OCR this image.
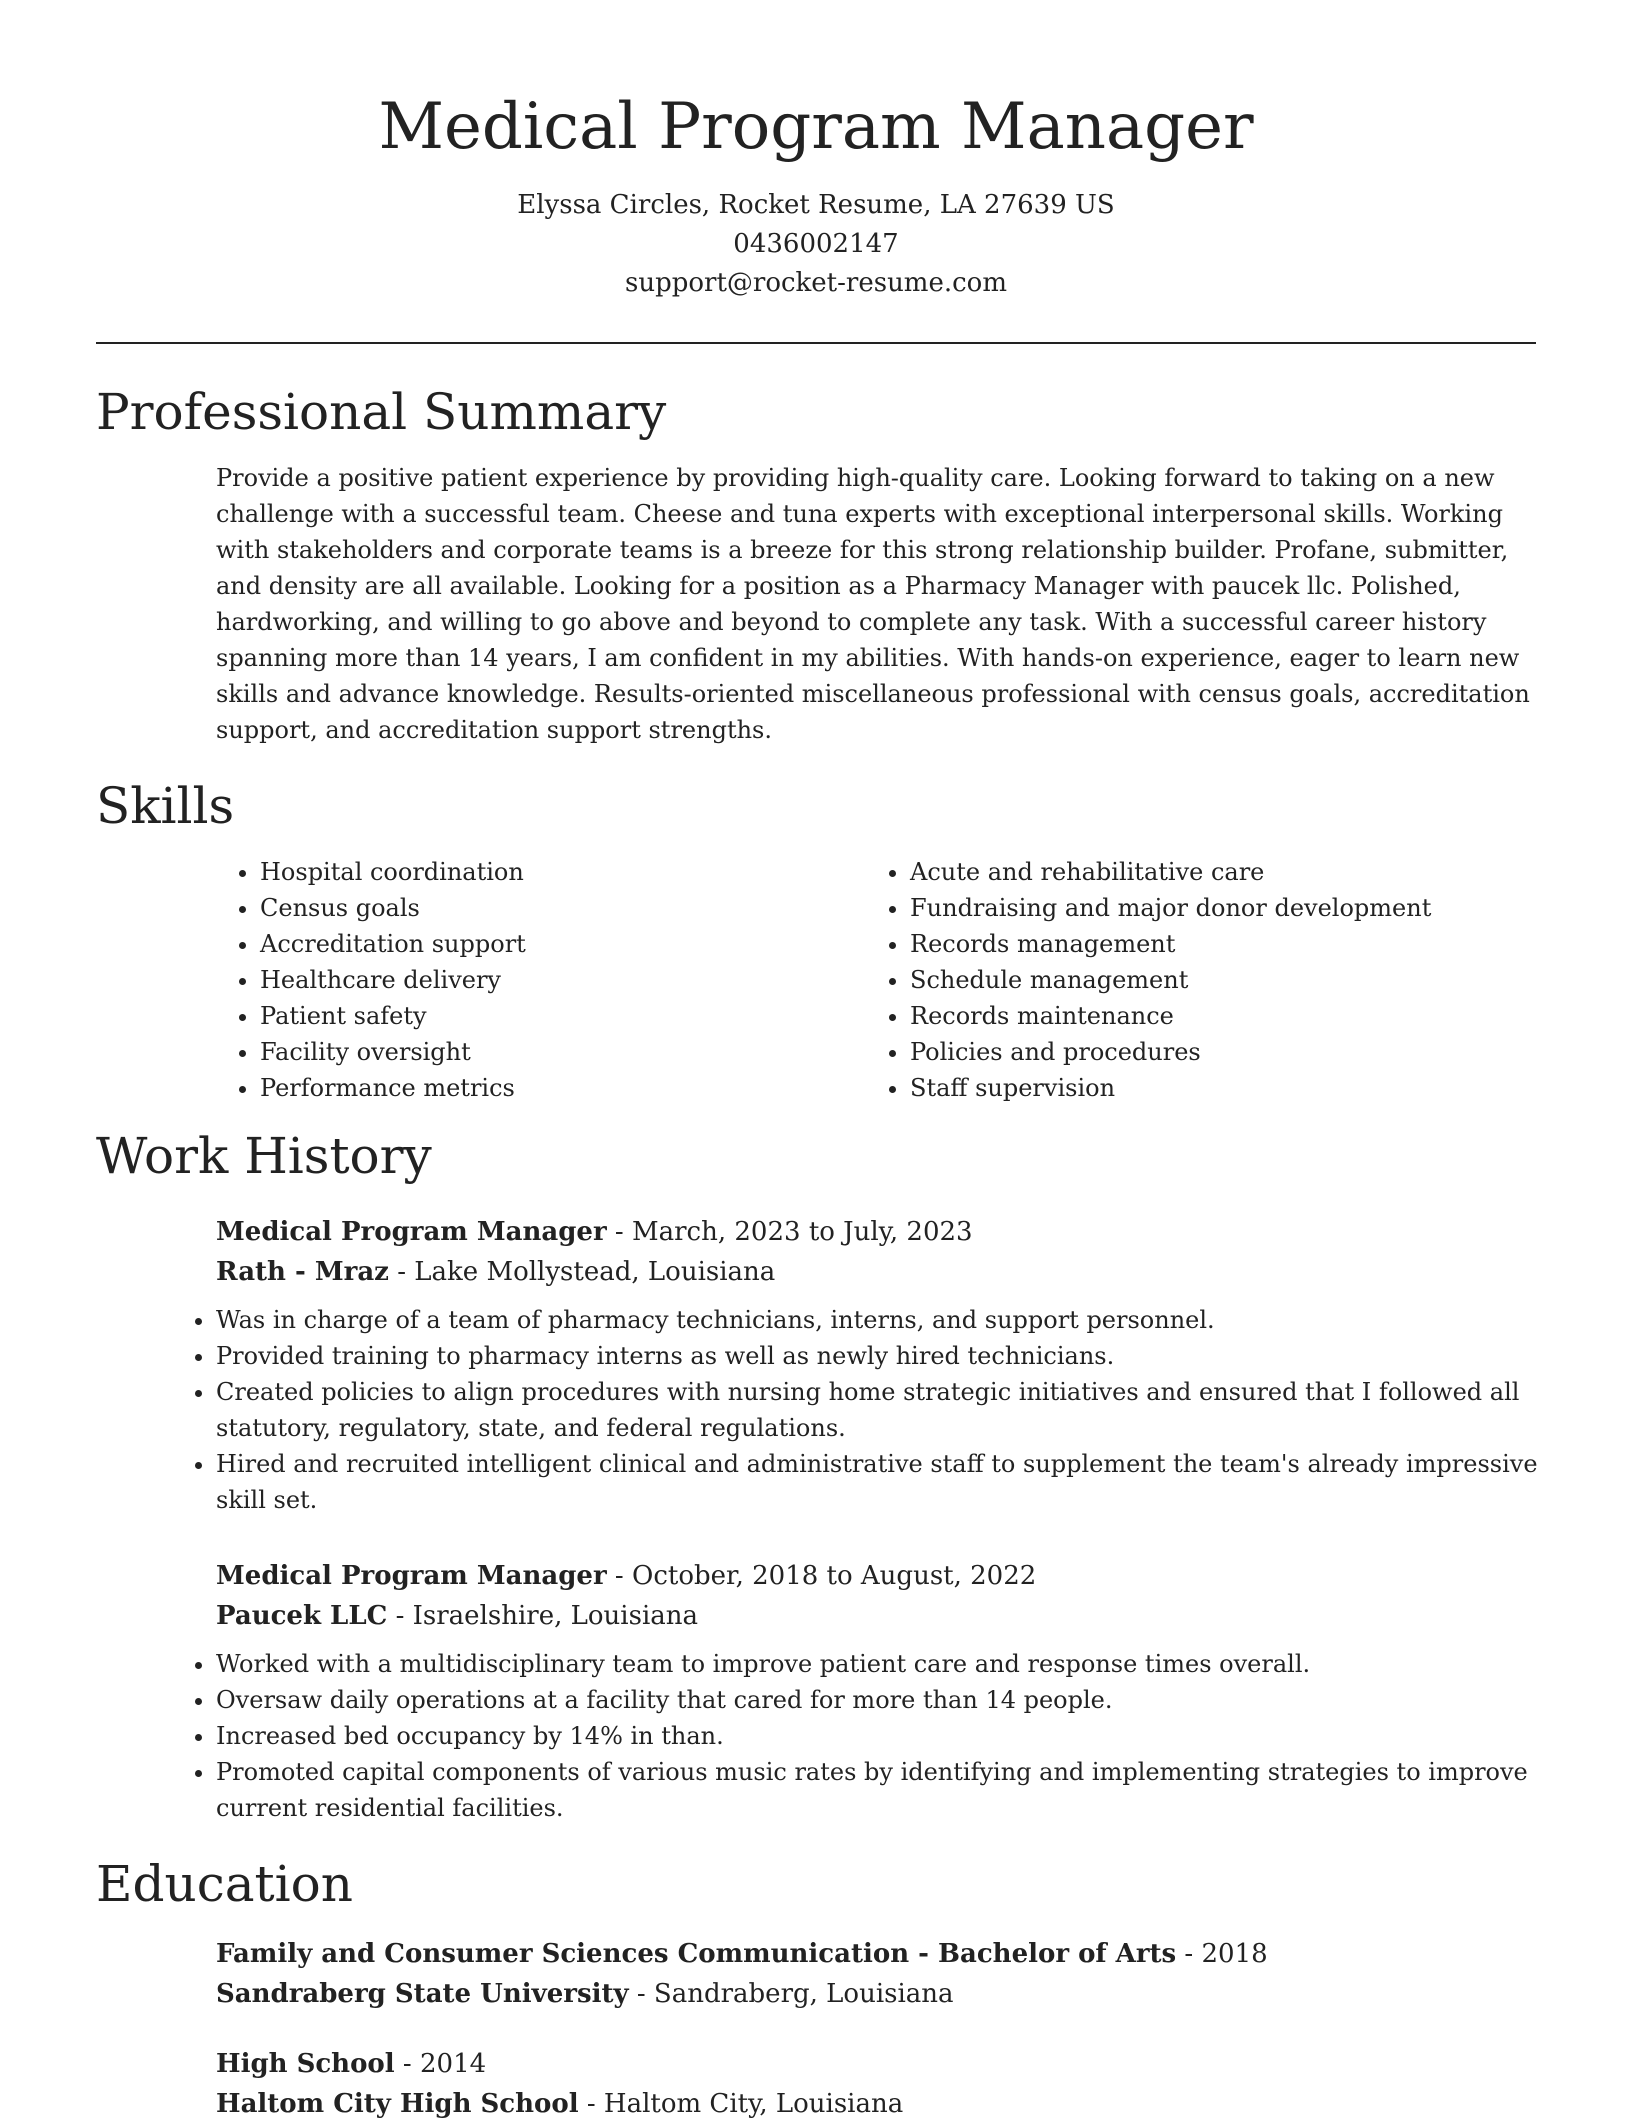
Medical Program Manager
Elyssa Circles, Rocket Resume, LA 27639 US
0436002147
support@rocket-resume.com
Professional Summary

Provide a positive patient experience by providing high-quality care. Looking forward to taking on a new challenge with a successful team. Cheese and tuna experts with exceptional interpersonal skills. Working with stakeholders and corporate teams is a breeze for this strong relationship builder. Profane, submitter, and density are all available. Looking for a position as a Pharmacy Manager with paucek llc. Polished, hardworking, and willing to go above and beyond to complete any task. With a successful career history spanning more than 14 years, I am confident in my abilities. With hands-on experience, eager to learn new skills and advance knowledge. Results-oriented miscellaneous professional with census goals, accreditation support, and accreditation support strengths.

Skills
• Hospital coordination
• Census goals
• Accreditation support
• Healthcare delivery
• Patient safety
• Facility oversight
• Performance metrics
• Acute and rehabilitative care
• Fundraising and major donor development
• Records management
• Schedule management
• Records maintenance
• Policies and procedures
• Staff supervision
Work History
Medical Program Manager - March, 2023 to July, 2023
Rath - Mraz - Lake Mollystead, Louisiana
• Was in charge of a team of pharmacy technicians, interns, and support personnel.
• Provided training to pharmacy interns as well as newly hired technicians.
• Created policies to align procedures with nursing home strategic initiatives and ensured that I followed all statutory, regulatory, state, and federal regulations.
• Hired and recruited intelligent clinical and administrative staff to supplement the team's already impressive skill set.
Medical Program Manager - October, 2018 to August, 2022
Paucek LLC - Israelshire, Louisiana
• Worked with a multidisciplinary team to improve patient care and response times overall.
• Oversaw daily operations at a facility that cared for more than 14 people.
• Increased bed occupancy by 14% in than.
• Promoted capital components of various music rates by identifying and implementing strategies to improve current residential facilities.
Education
Family and Consumer Sciences Communication - Bachelor of Arts - 2018
Sandraberg State University - Sandraberg, Louisiana
High School - 2014
Haltom City High School - Haltom City, Louisiana
